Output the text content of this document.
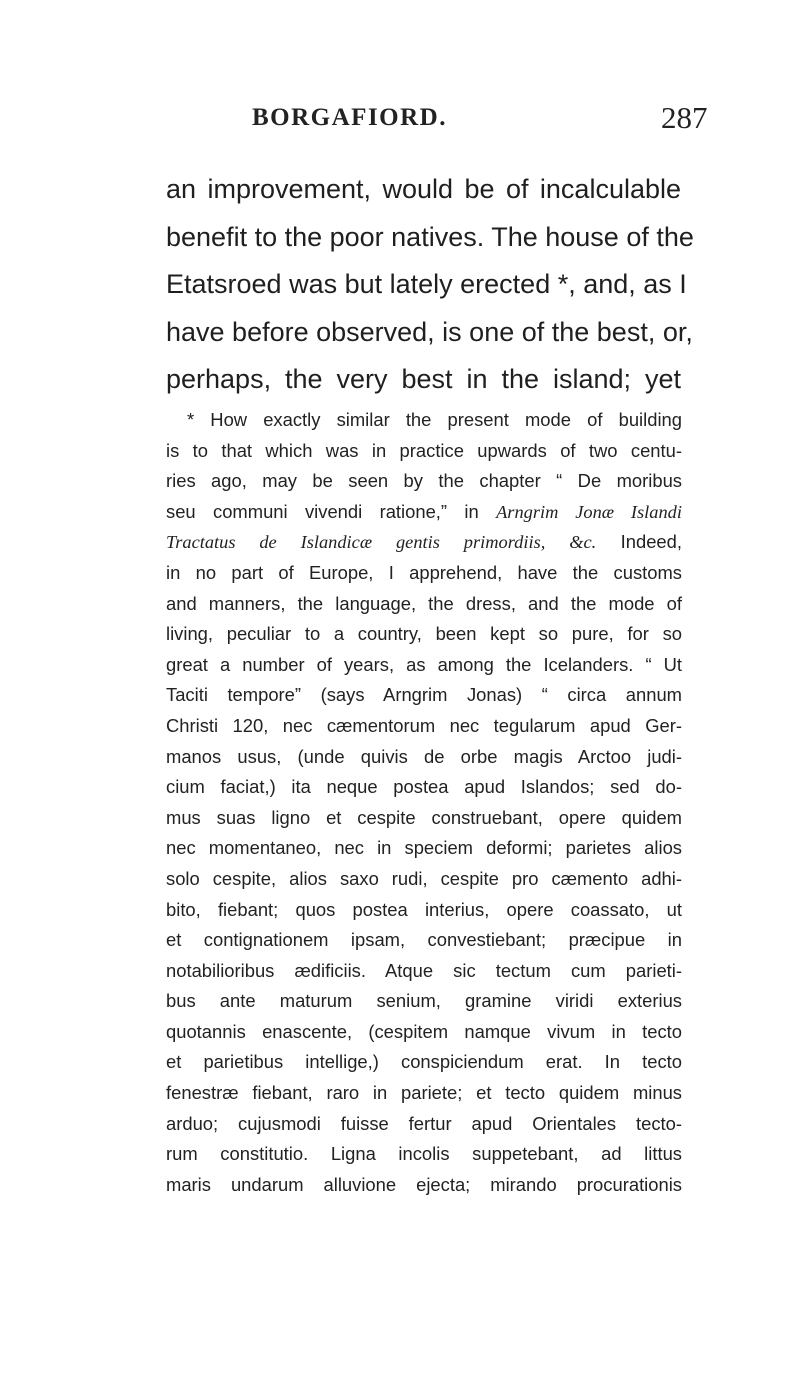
BORGAFIORD.	287
an improvement, would be of incalculable
benefit to the poor natives. The house of the
Etatsroed was but lately erected *, and, as I
have before observed, is one of the best, or,
perhaps, the very best in the island; yet
* How exactly similar the present mode of building
is to that which was in practice upwards of two centu-
ries ago, may be seen by the chapter “ De moribus
seu communi vivendi ratione,” in Arngrim Jonæ Islandi
Tractatus de Islandicæ gentis primordiis, &c. Indeed,
in no part of Europe, I apprehend, have the customs
and manners, the language, the dress, and the mode of
living, peculiar to a country, been kept so pure, for so
great a number of years, as among the Icelanders. “ Ut
Taciti tempore” (says Arngrim Jonas) “ circa annum
Christi 120, nec cæmentorum nec tegularum apud Ger-
manos usus, (unde quivis de orbe magis Arctoo judi-
cium faciat,) ita neque postea apud Islandos; sed do-
mus suas ligno et cespite construebant, opere quidem
nec momentaneo, nec in speciem deformi; parietes alios
solo cespite, alios saxo rudi, cespite pro cæmento adhi-
bito, fiebant; quos postea interius, opere coassato, ut
et contignationem ipsam, convestiebant; præcipue in
notabilioribus ædificiis. Atque sic tectum cum parieti-
bus ante maturum senium, gramine viridi exterius
quotannis enascente, (cespitem namque vivum in tecto
et parietibus intellige,) conspiciendum erat. In tecto
fenestræ fiebant, raro in pariete; et tecto quidem minus
arduo; cujusmodi fuisse fertur apud Orientales tecto-
rum constitutio. Ligna incolis suppetebant, ad littus
maris undarum alluvione ejecta; mirando procurationis
